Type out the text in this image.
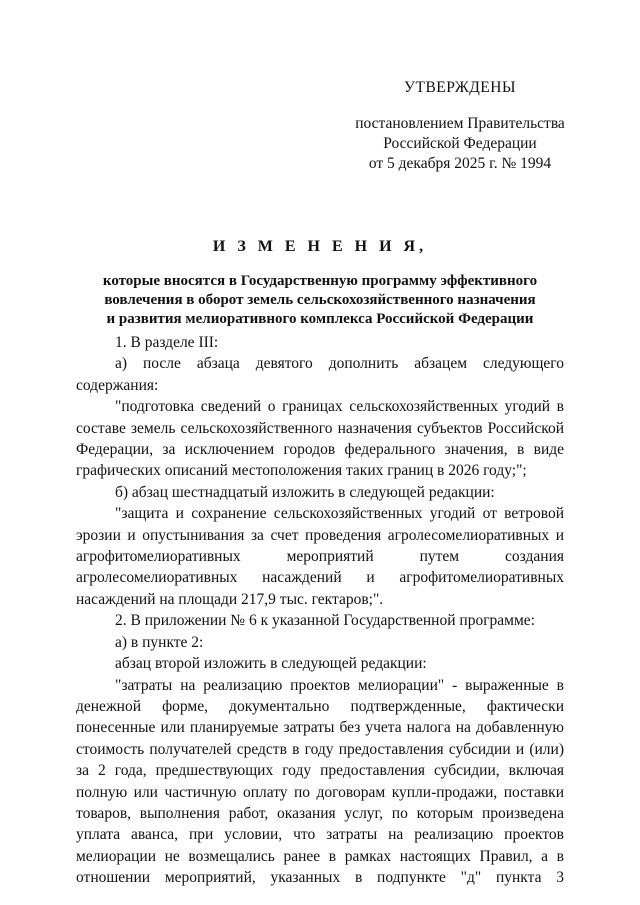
УТВЕРЖДЕНЫ
постановлением Правительства
Российской Федерации
от 5 декабря 2025 г. № 1994
И З М Е Н Е Н И Я,
которые вносятся в Государственную программу эффективного
вовлечения в оборот земель сельскохозяйственного назначения
и развития мелиоративного комплекса Российской Федерации

1. В разделе III:

а) после абзаца девятого дополнить абзацем следующего содержания:

"подготовка сведений о границах сельскохозяйственных угодий в составе земель сельскохозяйственного назначения субъектов Российской Федерации, за исключением городов федерального значения, в виде графических описаний местоположения таких границ в 2026 году;";

б) абзац шестнадцатый изложить в следующей редакции:

"защита и сохранение сельскохозяйственных угодий от ветровой эрозии и опустынивания за счет проведения агролесомелиоративных и агрофитомелиоративных мероприятий путем создания агролесомелиоративных насаждений и агрофитомелиоративных насаждений на площади 217,9 тыс. гектаров;".

2. В приложении № 6 к указанной Государственной программе:

а) в пункте 2:

абзац второй изложить в следующей редакции:

"затраты на реализацию проектов мелиорации" - выраженные в денежной форме, документально подтвержденные, фактически понесенные или планируемые затраты без учета налога на добавленную стоимость получателей средств в году предоставления субсидии и (или) за 2 года, предшествующих году предоставления субсидии, включая полную или частичную оплату по договорам купли-продажи, поставки товаров, выполнения работ, оказания услуг, по которым произведена уплата аванса, при условии, что затраты на реализацию проектов мелиорации не возмещались ранее в рамках настоящих Правил, а в отношении мероприятий, указанных в подпункте "д" пункта 3
